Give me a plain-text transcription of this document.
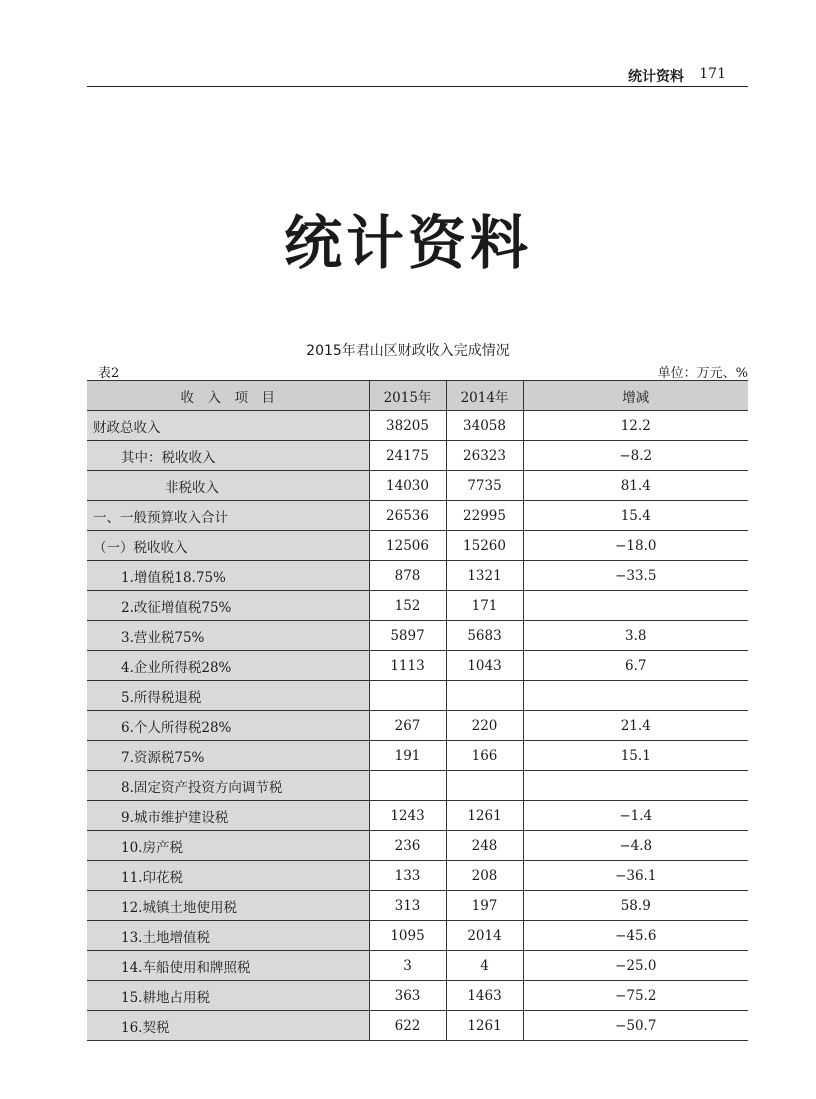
统计资料 171
统计资料
2015年君山区财政收入完成情况
表2	单位：万元、%
收　入　项　目	2015年	2014年	增减
财政总收入	38205	34058	12.2
其中：税收收入	24175	26323	−8.2
非税收入	14030	7735	81.4
一、一般预算收入合计	26536	22995	15.4
（一）税收收入	12506	15260	−18.0
1.增值税18.75%	878	1321	−33.5
2.改征增值税75%	152	171	
3.营业税75%	5897	5683	3.8
4.企业所得税28%	1113	1043	6.7
5.所得税退税			
6.个人所得税28%	267	220	21.4
7.资源税75%	191	166	15.1
8.固定资产投资方向调节税			
9.城市维护建设税	1243	1261	−1.4
10.房产税	236	248	−4.8
11.印花税	133	208	−36.1
12.城镇土地使用税	313	197	58.9
13.土地增值税	1095	2014	−45.6
14.车船使用和牌照税	3	4	−25.0
15.耕地占用税	363	1463	−75.2
16.契税	622	1261	−50.7
